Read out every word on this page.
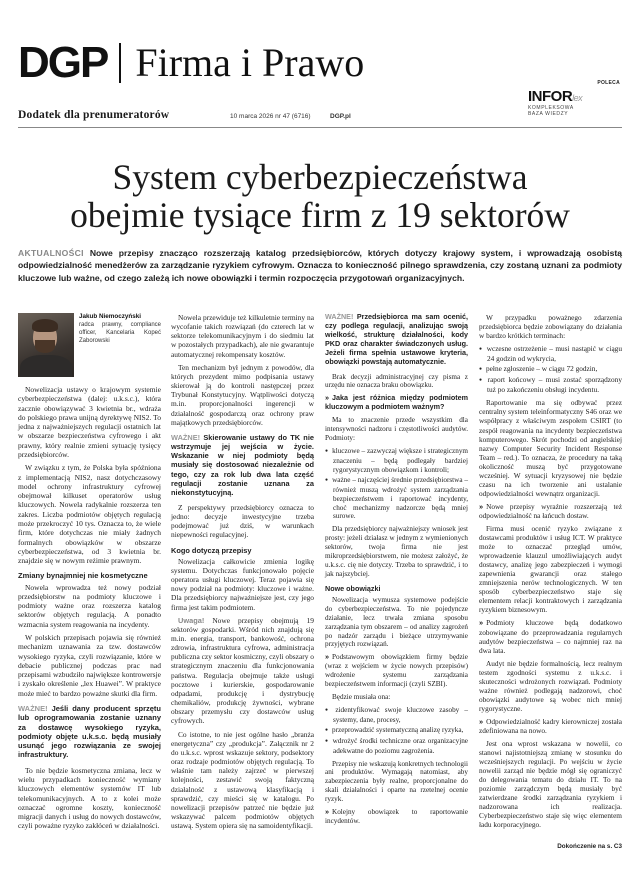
DGP Firma i Prawo	POLECA
INFORlex
KOMPLEKSOWA
BAZA WIEDZY
Dodatek dla prenumeratorów	10 marca 2026 nr 47 (6716)	DGP.pl
System cyberbezpieczeństwa
obejmie tysiące firm z 19 sektorów

AKTUALNOŚCI Nowe przepisy znacząco rozszerzają katalog przedsiębiorców, których dotyczy krajowy system, i wprowadzają osobistą odpowiedzialność menedżerów za zarządzanie ryzykiem cyfrowym. Oznacza to konieczność pilnego sprawdzenia, czy zostaną uznani za podmioty kluczowe lub ważne, od czego zależą ich nowe obowiązki i termin rozpoczęcia przygotowań organizacyjnych.

Jakub Niemoczyński
radca prawny, compliance officer, Kancelaria Kopeć Zaborowski

Nowelizacja ustawy o krajowym systemie cyberbezpieczeństwa (dalej: u.k.s.c.), która zacznie obowiązywać 3 kwietnia br., wdraża do polskiego prawa unijną dyrektywę NIS2. To jedna z najważniejszych regulacji ostatnich lat w obszarze bezpieczeństwa cyfrowego i akt prawny, który realnie zmieni sytuację tysięcy przedsiębiorców.

W związku z tym, że Polska była spóźniona z implementacją NIS2, nasz dotychczasowy model ochrony infrastruktury cyfrowej obejmował kilkuset operatorów usług kluczowych. Nowela radykalnie rozszerza ten zakres. Liczba podmiotów objętych regulacją może przekroczyć 10 tys. Oznacza to, że wiele firm, które dotychczas nie miały żadnych formalnych obowiązków w obszarze cyberbezpieczeństwa, od 3 kwietnia br. znajdzie się w nowym reżimie prawnym.

Zmiany bynajmniej nie kosmetyczne

Nowela wprowadza też nowy podział przedsiębiorstw na podmioty kluczowe i podmioty ważne oraz rozszerza katalog sektorów objętych regulacją. A ponadto wzmacnia system reagowania na incydenty.

W polskich przepisach pojawia się również mechanizm uznawania za tzw. dostawców wysokiego ryzyka, czyli rozwiązanie, które w debacie publicznej podczas prac nad przepisami wzbudziło największe kontrowersje i zyskało określenie „lex Huawei”. W praktyce może mieć to bardzo poważne skutki dla firm.

WAŻNE! Jeśli dany producent sprzętu lub oprogramowania zostanie uznany za dostawcę wysokiego ryzyka, podmioty objęte u.k.s.c. będą musiały usunąć jego rozwiązania ze swojej infrastruktury.

To nie będzie kosmetyczna zmiana, lecz w wielu przypadkach konieczność wymiany kluczowych elementów systemów IT lub telekomunikacyjnych. A to z kolei może oznaczać ogromne koszty, konieczność migracji danych i usług do nowych dostawców, czyli poważne ryzyko zakłóceń w działalności.

Nowela przewiduje też kilkuletnie terminy na wycofanie takich rozwiązań (do czterech lat w sektorze telekomunikacyjnym i do siedmiu lat w pozostałych przypadkach), ale nie gwarantuje automatycznej rekompensaty kosztów.

Ten mechanizm był jednym z powodów, dla których prezydent mimo podpisania ustawy skierował ją do kontroli następczej przez Trybunał Konstytucyjny. Wątpliwości dotyczą m.in. proporcjonalności ingerencji w działalność gospodarczą oraz ochrony praw majątkowych przedsiębiorców.

WAŻNE! Skierowanie ustawy do TK nie wstrzymuje jej wejścia w życie. Wskazanie w niej podmioty będą musiały się dostosować niezależnie od tego, czy za rok lub dwa lata część regulacji zostanie uznana za niekonstytucyjną.

Z perspektywy przedsiębiorcy oznacza to jedno: decyzje inwestycyjne trzeba podejmować już dziś, w warunkach niepewności regulacyjnej.

Kogo dotyczą przepisy

Nowelizacja całkowicie zmienia logikę systemu. Dotychczas funkcjonowało pojęcie operatora usługi kluczowej. Teraz pojawia się nowy podział na podmioty: kluczowe i ważne. Dla przedsiębiorcy najważniejsze jest, czy jego firma jest takim podmiotem.

Uwaga! Nowe przepisy obejmują 19 sektorów gospodarki. Wśród nich znajdują się m.in. energia, transport, bankowość, ochrona zdrowia, infrastruktura cyfrowa, administracja publiczna czy sektor kosmiczny, czyli obszary o strategicznym znaczeniu dla funkcjonowania państwa. Regulacja obejmuje także usługi pocztowe i kurierskie, gospodarowanie odpadami, produkcję i dystrybucję chemikaliów, produkcję żywności, wybrane obszary przemysłu czy dostawców usług cyfrowych.

Co istotne, to nie jest ogólne hasło „branża energetyczna” czy „produkcja”. Załącznik nr 2 do u.k.s.c. wprost wskazuje sektory, podsektory oraz rodzaje podmiotów objętych regulacją. To właśnie tam należy zajrzeć w pierwszej kolejności, zestawić swoją faktyczną działalność z ustawową klasyfikacją i sprawdzić, czy mieści się w katalogu. Po nowelizacji przepisów patrzeć nie będzie już wskazywać palcem podmiotów objętych ustawą. System opiera się na samoidentyfikacji.

WAŻNE! Przedsiębiorca ma sam ocenić, czy podlega regulacji, analizując swoją wielkość, strukturę działalności, kody PKD oraz charakter świadczonych usług. Jeżeli firma spełnia ustawowe kryteria, obowiązki powstają automatycznie.

Brak decyzji administracyjnej czy pisma z urzędu nie oznacza braku obowiązku.

» Jaka jest różnica między podmiotem kluczowym a podmiotem ważnym?

Ma to znaczenie przede wszystkim dla intensywności nadzoru i częstotliwości audytów. Podmioty:

● kluczowe – zazwyczaj większe i strategicznym znaczeniu – będą podlegały bardziej rygorystycznym obowiązkom i kontroli;
● ważne – najczęściej średnie przedsiębiorstwa – również muszą wdrożyć system zarządzania bezpieczeństwem i raportować incydenty, choć mechanizmy nadzorcze będą mniej surowe.

Dla przedsiębiorcy najważniejszy wniosek jest prosty: jeżeli działasz w jednym z wymienionych sektorów, twoja firma nie jest mikroprzedsiębiorstwem, nie możesz założyć, że u.k.s.c. cię nie dotyczy. Trzeba to sprawdzić, i to jak najszybciej.

Nowe obowiązki

Nowelizacja wymusza systemowe podejście do cyberbezpieczeństwa. To nie pojedyncze działanie, lecz trwała zmiana sposobu zarządzania tym obszarem – od analizy zagrożeń po nadzór zarządu i bieżące utrzymywanie przyjętych rozwiązań.

» Podstawowym obowiązkiem firmy będzie (wraz z wejściem w życie nowych przepisów) wdrożenie systemu zarządzania bezpieczeństwem informacji (czyli SZBI).

Będzie musiała ona:

● zidentyfikować swoje kluczowe zasoby – systemy, dane, procesy,
● przeprowadzić systematyczną analizę ryzyka,
● wdrożyć środki techniczne oraz organizacyjne adekwatne do poziomu zagrożenia.

Przepisy nie wskazują konkretnych technologii ani produktów. Wymagają natomiast, aby zabezpieczenia były realne, proporcjonalne do skali działalności i oparte na rzetelnej ocenie ryzyk.

» Kolejny obowiązek to raportowanie incydentów.

W przypadku poważnego zdarzenia przedsiębiorca będzie zobowiązany do działania w bardzo krótkich terminach:

● wczesne ostrzeżenie – musi nastąpić w ciągu 24 godzin od wykrycia,
● pełne zgłoszenie – w ciągu 72 godzin,
● raport końcowy – musi zostać sporządzony tuż po zakończeniu obsługi incydentu.

Raportowanie ma się odbywać przez centralny system teleinformatyczny S46 oraz we współpracy z właściwym zespołem CSIRT (to zespół reagowania na incydenty bezpieczeństwa komputerowego. Skrót pochodzi od angielskiej nazwy Computer Security Incident Response Team – red.). To oznacza, że procedury na taką okoliczność muszą być przygotowane wcześniej. W sytuacji kryzysowej nie będzie czasu na ich tworzenie ani ustalanie odpowiedzialności wewnątrz organizacji.

» Nowe przepisy wyraźnie rozszerzają też odpowiedzialność na łańcuch dostaw.

Firma musi ocenić ryzyko związane z dostawcami produktów i usług ICT. W praktyce może to oznaczać przegląd umów, wprowadzenie klauzul umożliwiających audyt dostawcy, analizę jego zabezpieczeń i wymogi zapewnienia gwarancji oraz stałego zmniejszenia nerów technologicznych. W ten sposób cyberbezpieczeństwo staje się elementem relacji kontraktowych i zarządzania ryzykiem biznesowym.

» Podmioty kluczowe będą dodatkowo zobowiązane do przeprowadzania regularnych audytów bezpieczeństwa – co najmniej raz na dwa lata.

Audyt nie będzie formalnością, lecz realnym testem zgodności systemu z u.k.s.c. i skuteczności wdrożonych rozwiązań. Podmioty ważne również podlegają nadzorowi, choć obowiązki audytowe są wobec nich mniej rygorystyczne.

» Odpowiedzialność kadry kierowniczej została zdefiniowana na nowo.

Jest ona wprost wskazana w nowelii, co stanowi najistotniejszą zmianę w stosunku do wcześniejszych regulacji. Po wejściu w życie nowelii zarząd nie będzie mógł się ograniczyć do delegowania tematu do działu IT. To na poziomie zarządczym będą musiały być zatwierdzane środki zarządzania ryzykiem i nadzorowana ich realizacja. Cyberbezpieczeństwo staje się więc elementem ładu korporacyjnego.

Dokończenie na s. C3
